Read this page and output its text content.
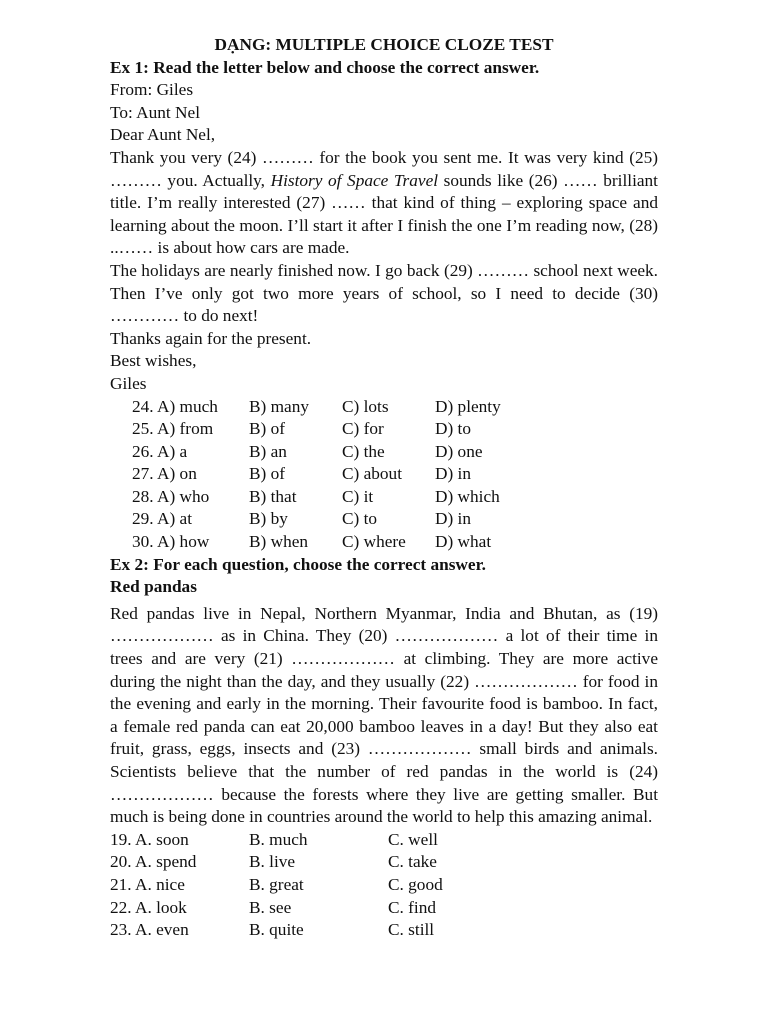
DẠNG: MULTIPLE CHOICE CLOZE TEST
Ex 1: Read the letter below and choose the correct answer.
From: Giles
To: Aunt Nel
Dear Aunt Nel,
Thank you very (24) ……… for the book you sent me. It was very kind (25) ……… you. Actually, History of Space Travel sounds like (26) …… brilliant title. I’m really interested (27) …… that kind of thing – exploring space and learning about the moon. I’ll start it after I finish the one I’m reading now, (28) ..…… is about how cars are made.
The holidays are nearly finished now. I go back (29) ……… school next week. Then I’ve only got two more years of school, so I need to decide (30) ………… to do next!
Thanks again for the present.
Best wishes,
Giles
24. A) much B) many C) lots	D) plenty
25. A) from B) of	C) for	D) to
26. A) a	B) an	C) the	D) one
27. A) on	B) of	C) about D) in
28. A) who B) that	C) it	D) which
29. A) at	B) by	C) to	D) in
30. A) how B) when C) where D) what
Ex 2: For each question, choose the correct answer.
Red pandas
Red pandas live in Nepal, Northern Myanmar, India and Bhutan, as (19) ……………… as in China. They (20) ……………… a lot of their time in trees and are very (21) ……………… at climbing. They are more active during the night than the day, and they usually (22) ……………… for food in the evening and early in the morning. Their favourite food is bamboo. In fact, a female red panda can eat 20,000 bamboo leaves in a day! But they also eat fruit, grass, eggs, insects and (23) ……………… small birds and animals. Scientists believe that the number of red pandas in the world is (24) ……………… because the forests where they live are getting smaller. But much is being done in countries around the world to help this amazing animal.
19. A. soon	B. much	C. well
20. A. spend	B. live	C. take
21. A. nice	B. great	C. good
22. A. look	B. see	C. find
23. A. even	B. quite	C. still
